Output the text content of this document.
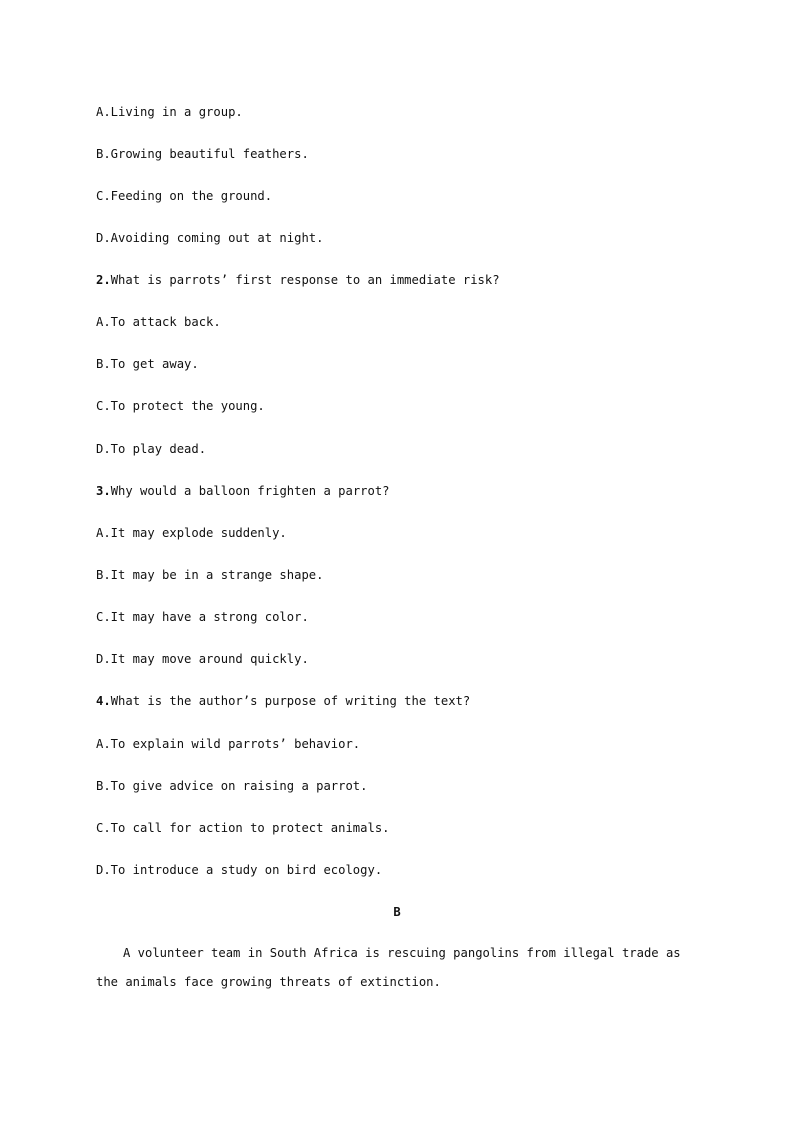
A.Living in a group.
B.Growing beautiful feathers.
C.Feeding on the ground.
D.Avoiding coming out at night.
2.What is parrots’ first response to an immediate risk?
A.To attack back.
B.To get away.
C.To protect the young.
D.To play dead.
3.Why would a balloon frighten a parrot?
A.It may explode suddenly.
B.It may be in a strange shape.
C.It may have a strong color.
D.It may move around quickly.
4.What is the author’s purpose of writing the text?
A.To explain wild parrots’ behavior.
B.To give advice on raising a parrot.
C.To call for action to protect animals.
D.To introduce a study on bird ecology.
B
A volunteer team in South Africa is rescuing pangolins from illegal trade as the animals face growing threats of extinction.
